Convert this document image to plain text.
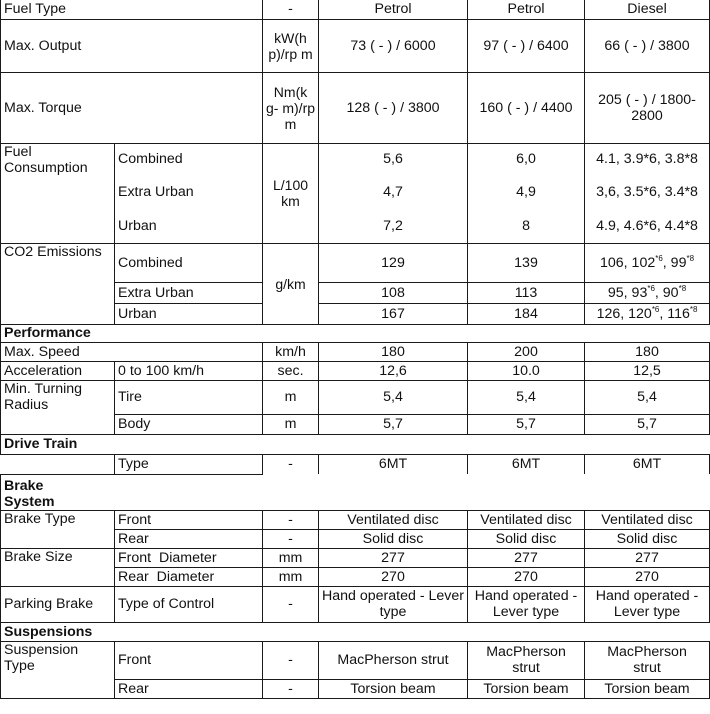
Fuel Type		-	Petrol	Petrol	Diesel
Max. Output		kW(h p)/rp m	73 ( - ) / 6000	97 ( - ) / 6400	66 ( - ) / 3800
Max. Torque		Nm(k g- m)/rp m	128 ( - ) / 3800	160 ( - ) / 4400	205 ( - ) / 1800-2800
Fuel Consumption	Combined	L/100 km	5,6	6,0	4.1, 3.9*6, 3.8*8
	Extra Urban		4,7	4,9	3,6, 3.5*6, 3.4*8
	Urban		7,2	8	4.9, 4.6*6, 4.4*8
CO2 Emissions	Combined	g/km	129	139	106, 102$^{*6}$, 99$^{*8}$
	Extra Urban		108	113	95, 93$^{*6}$, 90$^{*8}$
	Urban		167	184	126, 120$^{*6}$, 116$^{*8}$
Performance					
Max. Speed		km/h	180	200	180
Acceleration	0 to 100 km/h	sec.	12,6	10.0	12,5
Min. Turning Radius	Tire	m	5,4	5,4	5,4
	Body	m	5,7	5,7	5,7
Drive Train					
	Type	-	6MT	6MT	6MT

Brake System					

Brake Type	Front	-	Ventilated disc	Ventilated disc	Ventilated disc
	Rear	-	Solid disc	Solid disc	Solid disc
Brake Size	Front  Diameter	mm	277	277	277
	Rear  Diameter	mm	270	270	270
Parking Brake	Type of Control	-	Hand operated - Lever type	Hand operated - Lever type	Hand operated - Lever type
Suspensions					
Suspension Type	Front	-	MacPherson strut	MacPherson strut	MacPherson strut
	Rear	-	Torsion beam	Torsion beam	Torsion beam
